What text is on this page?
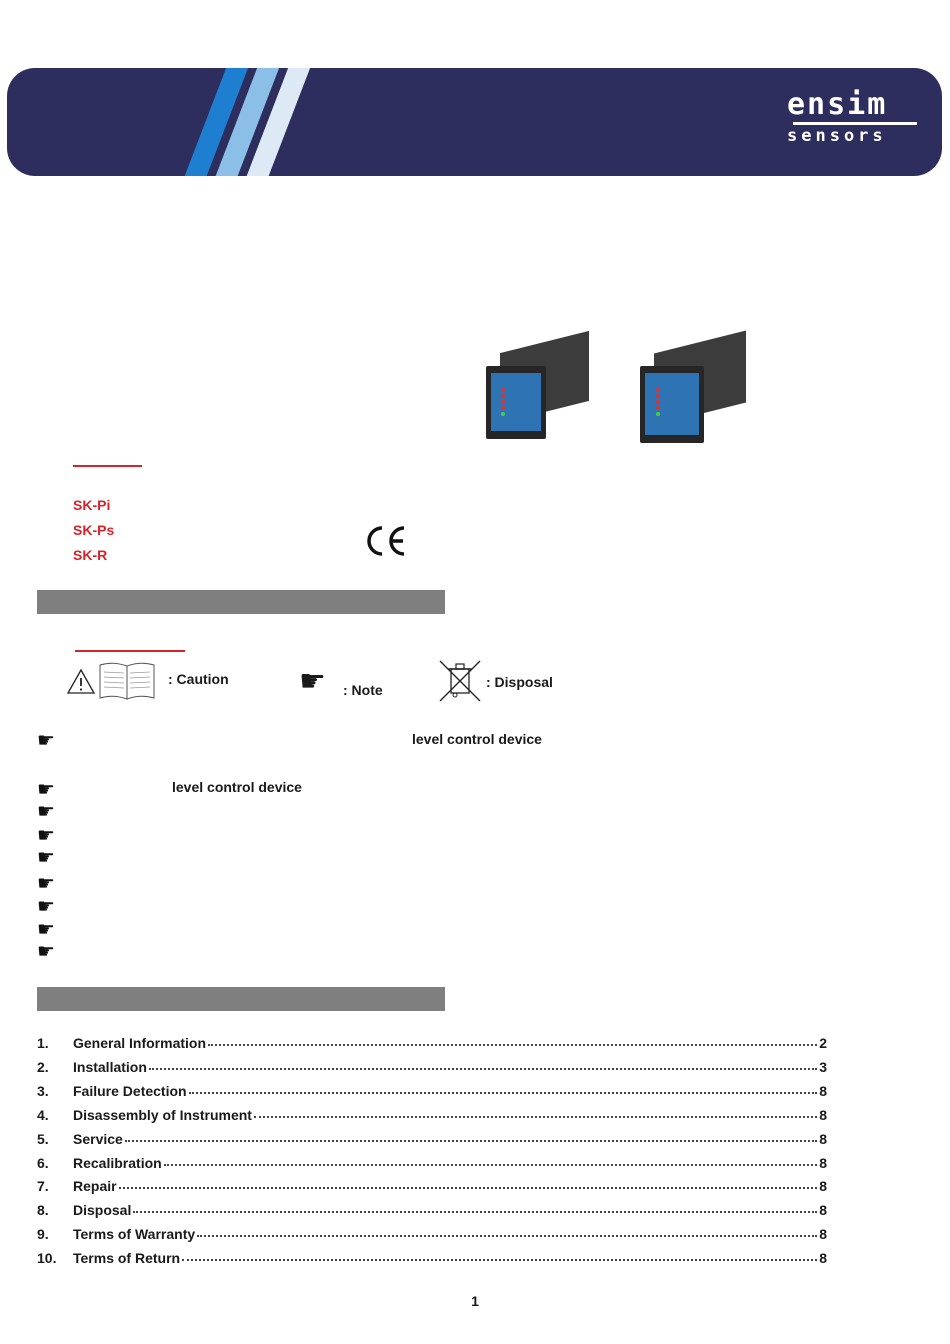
ensim
sensors
SK-Pi
SK-Ps
SK-R
: Caution ☛ : Note	: Disposal
☛	level control device
☛	level control device
☛
☛
☛
☛
☛
☛
☛
1. General Information	2
2. Installation	3
3. Failure Detection	8
4. Disassembly of Instrument	8
5. Service	8
6. Recalibration	8
7. Repair	8
8. Disposal	8
9. Terms of Warranty	8
10. Terms of Return	8
1
